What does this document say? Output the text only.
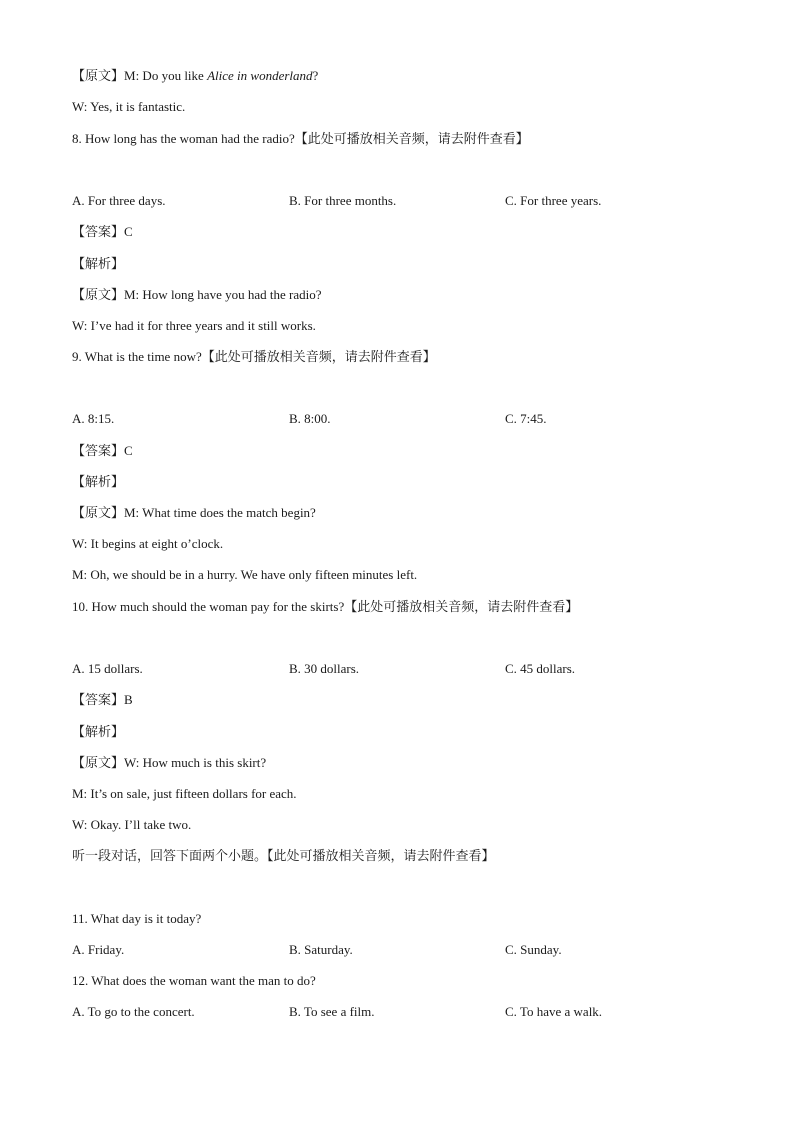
【原文】M: Do you like Alice in wonderland?
W: Yes, it is fantastic.
8. How long has the woman had the radio?【此处可播放相关音频，请去附件查看】
A. For three days.	B. For three months.	C. For three years.
【答案】C
【解析】
【原文】M: How long have you had the radio?
W: I’ve had it for three years and it still works.
9. What is the time now?【此处可播放相关音频，请去附件查看】
A. 8:15.	B. 8:00.	C. 7:45.
【答案】C
【解析】
【原文】M: What time does the match begin?
W: It begins at eight o’clock.
M: Oh, we should be in a hurry. We have only fifteen minutes left.
10. How much should the woman pay for the skirts?【此处可播放相关音频，请去附件查看】
A. 15 dollars.	B. 30 dollars.	C. 45 dollars.
【答案】B
【解析】
【原文】W: How much is this skirt?
M: It’s on sale, just fifteen dollars for each.
W: Okay. I’ll take two.
听一段对话，回答下面两个小题。【此处可播放相关音频，请去附件查看】
11. What day is it today?
A. Friday.	B. Saturday.	C. Sunday.
12. What does the woman want the man to do?
A. To go to the concert.	B. To see a film.	C. To have a walk.
